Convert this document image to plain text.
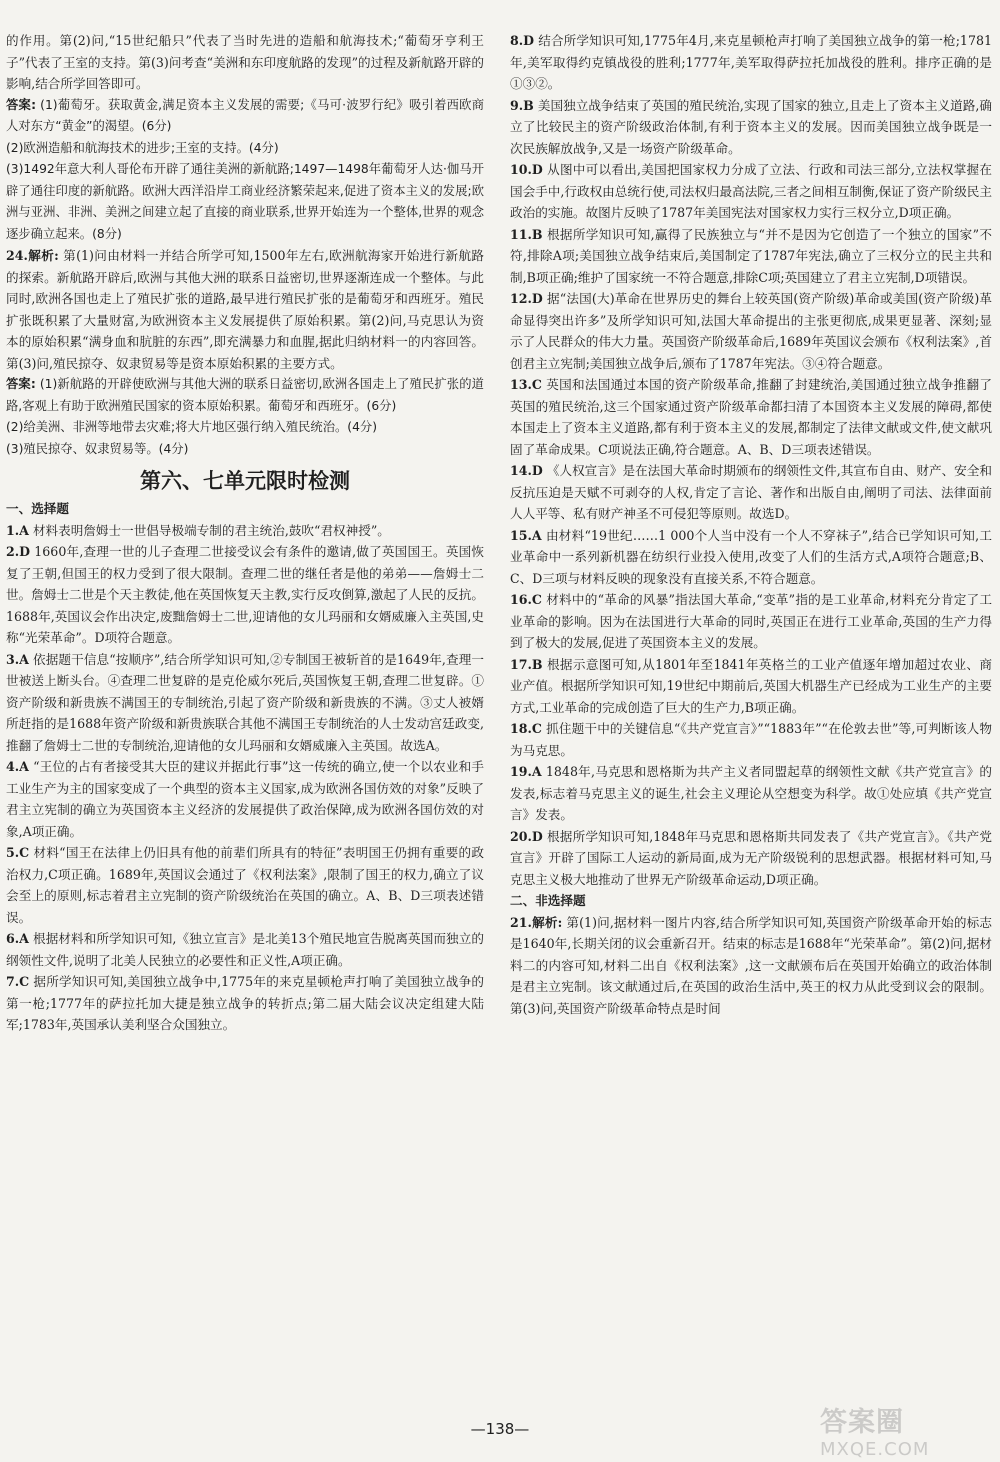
的作用。第(2)问,“15世纪船只”代表了当时先进的造船和航海技术;“葡萄牙亨利王子”代表了王室的支持。第(3)问考查“美洲和东印度航路的发现”的过程及新航路开辟的影响,结合所学回答即可。

答案: (1)葡萄牙。获取黄金,满足资本主义发展的需要;《马可·波罗行纪》吸引着西欧商人对东方“黄金”的渴望。(6分)

(2)欧洲造船和航海技术的进步;王室的支持。(4分)

(3)1492年意大利人哥伦布开辟了通往美洲的新航路;1497—1498年葡萄牙人达·伽马开辟了通往印度的新航路。欧洲大西洋沿岸工商业经济繁荣起来,促进了资本主义的发展;欧洲与亚洲、非洲、美洲之间建立起了直接的商业联系,世界开始连为一个整体,世界的观念逐步确立起来。(8分)

24.解析: 第(1)问由材料一并结合所学可知,1500年左右,欧洲航海家开始进行新航路的探索。新航路开辟后,欧洲与其他大洲的联系日益密切,世界逐渐连成一个整体。与此同时,欧洲各国也走上了殖民扩张的道路,最早进行殖民扩张的是葡萄牙和西班牙。殖民扩张既积累了大量财富,为欧洲资本主义发展提供了原始积累。第(2)问,马克思认为资本的原始积累“满身血和肮脏的东西”,即充满暴力和血腥,据此归纳材料一的内容回答。第(3)问,殖民掠夺、奴隶贸易等是资本原始积累的主要方式。

答案: (1)新航路的开辟使欧洲与其他大洲的联系日益密切,欧洲各国走上了殖民扩张的道路,客观上有助于欧洲殖民国家的资本原始积累。葡萄牙和西班牙。(6分)

(2)给美洲、非洲等地带去灾难;将大片地区强行纳入殖民统治。(4分)

(3)殖民掠夺、奴隶贸易等。(4分)

第六、七单元限时检测
一、选择题

1.A 材料表明詹姆士一世倡导极端专制的君主统治,鼓吹“君权神授”。

2.D 1660年,查理一世的儿子查理二世接受议会有条件的邀请,做了英国国王。英国恢复了王朝,但国王的权力受到了很大限制。查理二世的继任者是他的弟弟——詹姆士二世。詹姆士二世是个天主教徒,他在英国恢复天主教,实行反攻倒算,激起了人民的反抗。1688年,英国议会作出决定,废黜詹姆士二世,迎请他的女儿玛丽和女婿威廉入主英国,史称“光荣革命”。D项符合题意。

3.A 依据题干信息“按顺序”,结合所学知识可知,②专制国王被斩首的是1649年,查理一世被送上断头台。④查理二世复辟的是克伦威尔死后,英国恢复王朝,查理二世复辟。①资产阶级和新贵族不满国王的专制统治,引起了资产阶级和新贵族的不满。③丈人被婿所赶指的是1688年资产阶级和新贵族联合其他不满国王专制统治的人士发动宫廷政变,推翻了詹姆士二世的专制统治,迎请他的女儿玛丽和女婿威廉入主英国。故选A。

4.A “王位的占有者接受其大臣的建议并据此行事”这一传统的确立,使一个以农业和手工业生产为主的国家变成了一个典型的资本主义国家,成为欧洲各国仿效的对象”反映了君主立宪制的确立为英国资本主义经济的发展提供了政治保障,成为欧洲各国仿效的对象,A项正确。

5.C 材料“国王在法律上仍旧具有他的前辈们所具有的特征”表明国王仍拥有重要的政治权力,C项正确。1689年,英国议会通过了《权利法案》,限制了国王的权力,确立了议会至上的原则,标志着君主立宪制的资产阶级统治在英国的确立。A、B、D三项表述错误。

6.A 根据材料和所学知识可知,《独立宣言》是北美13个殖民地宣告脱离英国而独立的纲领性文件,说明了北美人民独立的必要性和正义性,A项正确。

7.C 据所学知识可知,美国独立战争中,1775年的来克星顿枪声打响了美国独立战争的第一枪;1777年的萨拉托加大捷是独立战争的转折点;第二届大陆会议决定组建大陆军;1783年,英国承认美利坚合众国独立。

8.D 结合所学知识可知,1775年4月,来克星顿枪声打响了美国独立战争的第一枪;1781年,美军取得约克镇战役的胜利;1777年,美军取得萨拉托加战役的胜利。排序正确的是①③②。

9.B 美国独立战争结束了英国的殖民统治,实现了国家的独立,且走上了资本主义道路,确立了比较民主的资产阶级政治体制,有利于资本主义的发展。因而美国独立战争既是一次民族解放战争,又是一场资产阶级革命。

10.D 从图中可以看出,美国把国家权力分成了立法、行政和司法三部分,立法权掌握在国会手中,行政权由总统行使,司法权归最高法院,三者之间相互制衡,保证了资产阶级民主政治的实施。故图片反映了1787年美国宪法对国家权力实行三权分立,D项正确。

11.B 根据所学知识可知,赢得了民族独立与“并不是因为它创造了一个独立的国家”不符,排除A项;美国独立战争结束后,美国制定了1787年宪法,确立了三权分立的民主共和制,B项正确;维护了国家统一不符合题意,排除C项;英国建立了君主立宪制,D项错误。

12.D 据“法国(大)革命在世界历史的舞台上较英国(资产阶级)革命或美国(资产阶级)革命显得突出许多”及所学知识可知,法国大革命提出的主张更彻底,成果更显著、深刻;显示了人民群众的伟大力量。英国资产阶级革命后,1689年英国议会颁布《权利法案》,首创君主立宪制;美国独立战争后,颁布了1787年宪法。③④符合题意。

13.C 英国和法国通过本国的资产阶级革命,推翻了封建统治,美国通过独立战争推翻了英国的殖民统治,这三个国家通过资产阶级革命都扫清了本国资本主义发展的障碍,都使本国走上了资本主义道路,都有利于资本主义的发展,都制定了法律文献或文件,使文献巩固了革命成果。C项说法正确,符合题意。A、B、D三项表述错误。

14.D 《人权宣言》是在法国大革命时期颁布的纲领性文件,其宣布自由、财产、安全和反抗压迫是天赋不可剥夺的人权,肯定了言论、著作和出版自由,阐明了司法、法律面前人人平等、私有财产神圣不可侵犯等原则。故选D。

15.A 由材料“19世纪……1 000个人当中没有一个人不穿袜子”,结合已学知识可知,工业革命中一系列新机器在纺织行业投入使用,改变了人们的生活方式,A项符合题意;B、C、D三项与材料反映的现象没有直接关系,不符合题意。

16.C 材料中的“革命的风暴”指法国大革命,“变革”指的是工业革命,材料充分肯定了工业革命的影响。因为在法国进行大革命的同时,英国正在进行工业革命,英国的生产力得到了极大的发展,促进了英国资本主义的发展。

17.B 根据示意图可知,从1801年至1841年英格兰的工业产值逐年增加超过农业、商业产值。根据所学知识可知,19世纪中期前后,英国大机器生产已经成为工业生产的主要方式,工业革命的完成创造了巨大的生产力,B项正确。

18.C 抓住题干中的关键信息“《共产党宣言》”“1883年”“在伦敦去世”等,可判断该人物为马克思。

19.A 1848年,马克思和恩格斯为共产主义者同盟起草的纲领性文献《共产党宣言》的发表,标志着马克思主义的诞生,社会主义理论从空想变为科学。故①处应填《共产党宣言》发表。

20.D 根据所学知识可知,1848年马克思和恩格斯共同发表了《共产党宣言》。《共产党宣言》开辟了国际工人运动的新局面,成为无产阶级锐利的思想武器。根据材料可知,马克思主义极大地推动了世界无产阶级革命运动,D项正确。

二、非选择题

21.解析: 第(1)问,据材料一图片内容,结合所学知识可知,英国资产阶级革命开始的标志是1640年,长期关闭的议会重新召开。结束的标志是1688年“光荣革命”。第(2)问,据材料二的内容可知,材料二出自《权利法案》,这一文献颁布后在英国开始确立的政治体制是君主立宪制。该文献通过后,在英国的政治生活中,英王的权力从此受到议会的限制。第(3)问,英国资产阶级革命特点是时间

—138—	答案圈
MXQE.COM
